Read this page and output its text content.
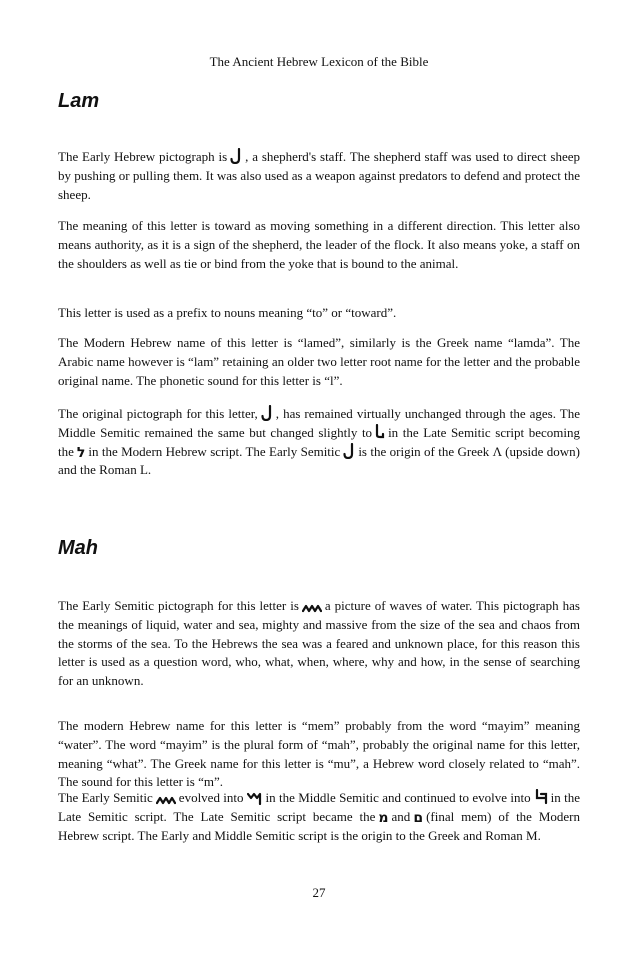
The Ancient Hebrew Lexicon of the Bible
Lam

The Early Hebrew pictograph is , a shepherd's staff. The shepherd staff was used to direct sheep by pushing or pulling them. It was also used as a weapon against predators to defend and protect the sheep.

The meaning of this letter is toward as moving something in a different direction. This letter also means authority, as it is a sign of the shepherd, the leader of the flock. It also means yoke, a staff on the shoulders as well as tie or bind from the yoke that is bound to the animal.

This letter is used as a prefix to nouns meaning “to” or “toward”.

The Modern Hebrew name of this letter is “lamed”, similarly is the Greek name “lamda”. The Arabic name however is “lam” retaining an older two letter root name for the letter and the probable original name. The phonetic sound for this letter is “l”.

The original pictograph for this letter, , has remained virtually unchanged through the ages. The Middle Semitic remained the same but changed slightly to in the Late Semitic script becoming the ל in the Modern Hebrew script. The Early Semitic is the origin of the Greek Λ (upside down) and the Roman L.

Mah

The Early Semitic pictograph for this letter is a picture of waves of water. This pictograph has the meanings of liquid, water and sea, mighty and massive from the size of the sea and chaos from the storms of the sea. To the Hebrews the sea was a feared and unknown place, for this reason this letter is used as a question word, who, what, when, where, why and how, in the sense of searching for an unknown.

The modern Hebrew name for this letter is “mem” probably from the word “mayim” meaning “water”. The word “mayim” is the plural form of “mah”, probably the original name for this letter, meaning “what”. The Greek name for this letter is “mu”, a Hebrew word closely related to “mah”. The sound for this letter is “m”.

The Early Semitic evolved into in the Middle Semitic and continued to evolve into in the Late Semitic script. The Late Semitic script became the מ and ם (final mem) of the Modern Hebrew script. The Early and Middle Semitic script is the origin to the Greek and Roman M.

27
